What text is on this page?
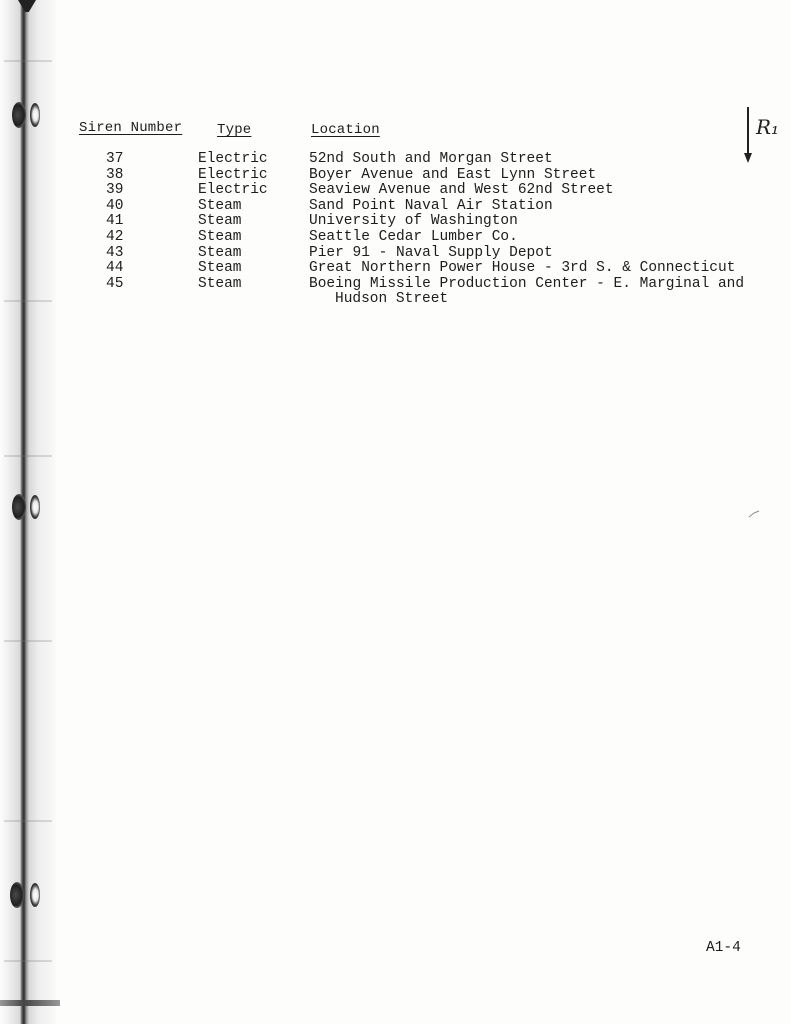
Siren Number Type	Location	R₁
37	Electric	52nd South and Morgan Street
38	Electric	Boyer Avenue and East Lynn Street
39	Electric	Seaview Avenue and West 62nd Street
40	Steam	Sand Point Naval Air Station
41	Steam	University of Washington
42	Steam	Seattle Cedar Lumber Co.
43	Steam	Pier 91 - Naval Supply Depot
44	Steam	Great Northern Power House - 3rd S. & Connecticut
45	Steam	Boeing Missile Production Center - E. Marginal and
Hudson Street
A1-4
